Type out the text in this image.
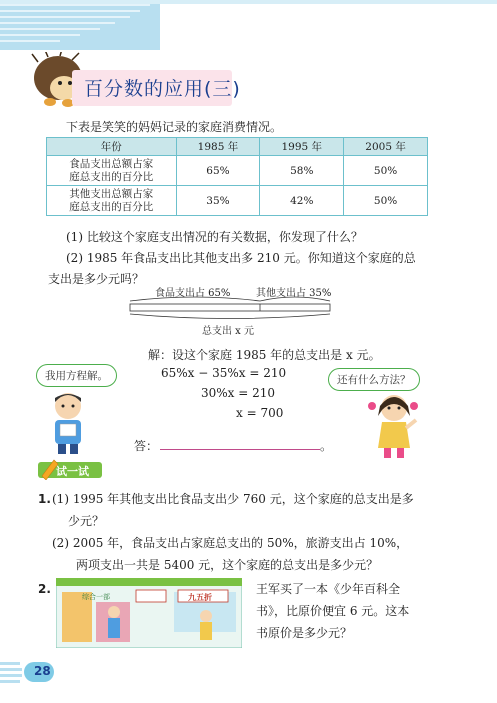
百分数的应用(三)
下表是笑笑的妈妈记录的家庭消费情况。
年份	1985 年	1995 年	2005 年

食品支出总额占家
庭总支出的百分比	65%	58%	50%

其他支出总额占家
庭总支出的百分比	35%	42%	50%
(1) 比较这个家庭支出情况的有关数据，你发现了什么？
(2) 1985 年食品支出比其他支出多 210 元。你知道这个家庭的总
支出是多少元吗？
食品支出占 65%	其他支出占 35%
总支出 x 元
解：设这个家庭 1985 年的总支出是 x 元。
65%x − 35%x = 210
30%x = 210
x = 700
我用方程解。	还有什么方法？
答：	。
试一试
1. (1) 1995 年其他支出比食品支出少 760 元，这个家庭的总支出是多
少元？
(2) 2005 年，食品支出占家庭总支出的 50%，旅游支出占 10%，
两项支出一共是 5400 元，这个家庭的总支出是多少元？
2.
综合一部	九五折
王军买了一本《少年百科全
书》，比原价便宜 6 元。这本
书原价是多少元？
28
